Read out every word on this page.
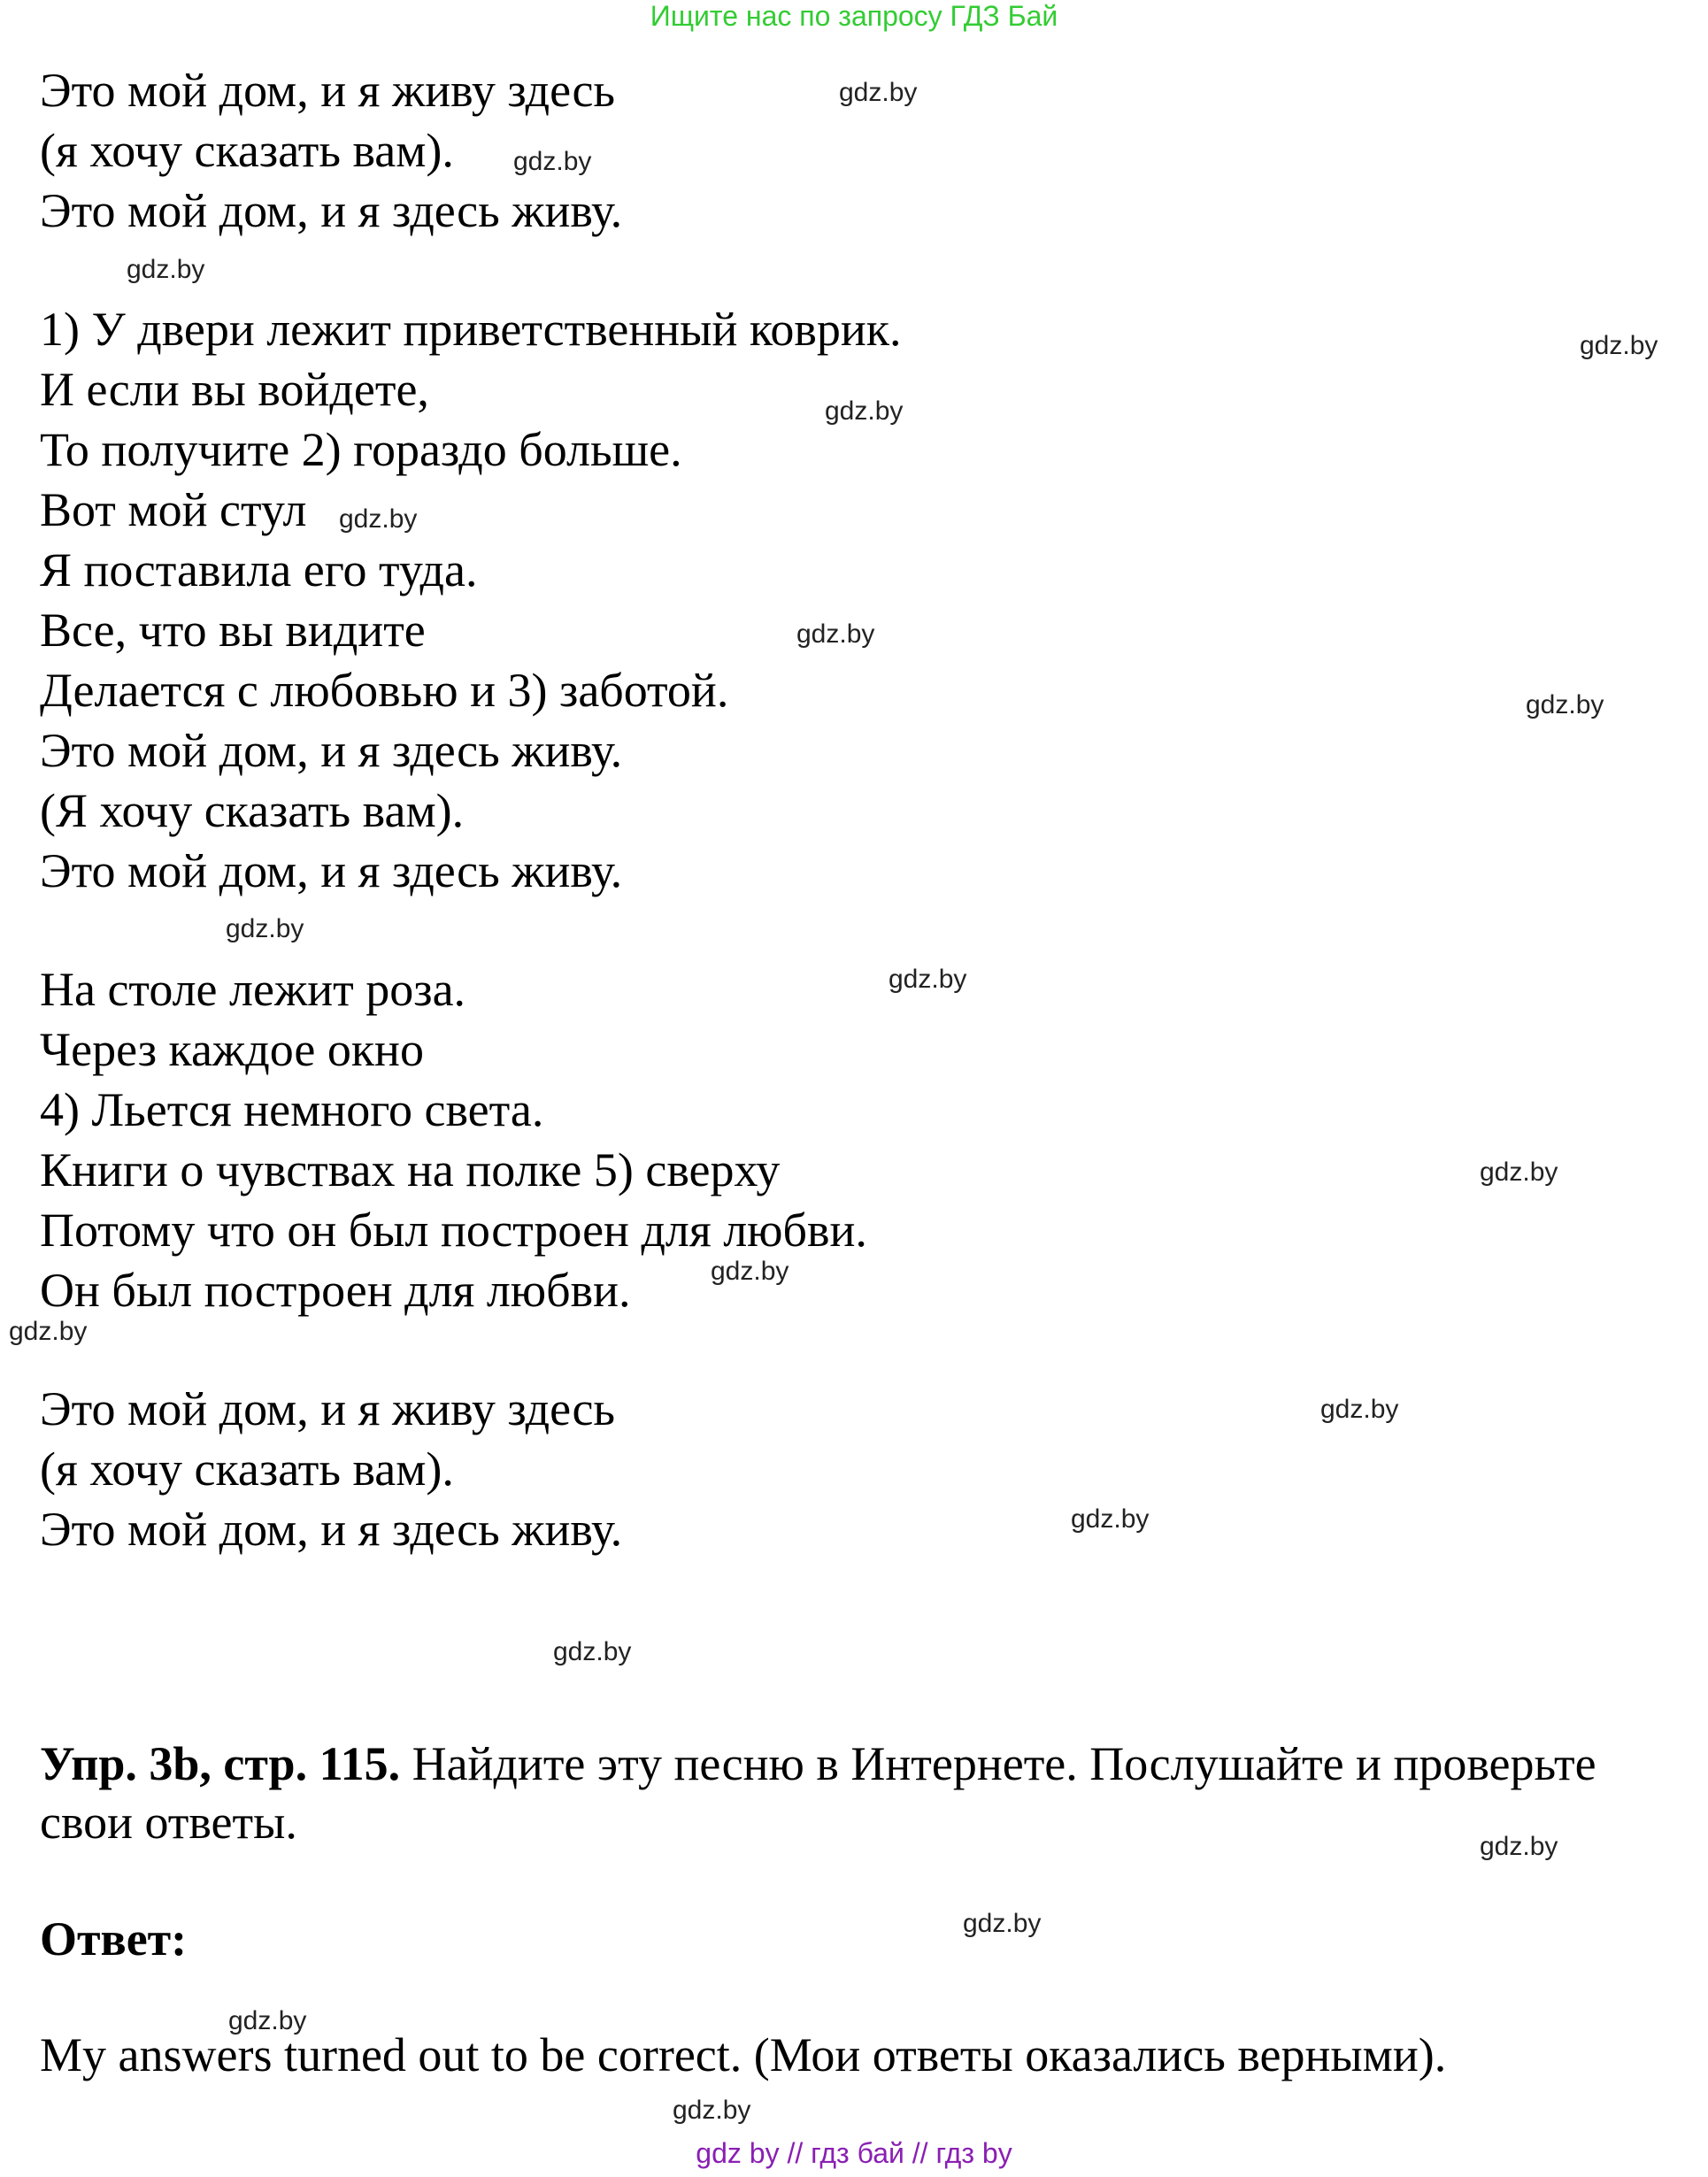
Ищите нас по запросу ГДЗ Бай
Это мой дом, и я живу здесь
(я хочу сказать вам).
Это мой дом, и я здесь живу.
1) У двери лежит приветственный коврик.
И если вы войдете,
То получите 2) гораздо больше.
Вот мой стул
Я поставила его туда.
Все, что вы видите
Делается с любовью и 3) заботой.
Это мой дом, и я здесь живу.
(Я хочу сказать вам).
Это мой дом, и я здесь живу.
На столе лежит роза.
Через каждое окно
4) Льется немного света.
Книги о чувствах на полке 5) сверху
Потому что он был построен для любви.
Он был построен для любви.
Это мой дом, и я живу здесь
(я хочу сказать вам).
Это мой дом, и я здесь живу.
Упр. 3b, стр. 115. Найдите эту песню в Интернете. Послушайте и проверьте свои ответы.
Ответ:
My answers turned out to be correct. (Мои ответы оказались верными).
gdz.by
gdz.by
gdz.by
gdz.by
gdz.by
gdz.by
gdz.by
gdz.by
gdz.by
gdz.by
gdz.by
gdz.by
gdz.by
gdz.by
gdz.by
gdz.by
gdz.by
gdz.by
gdz.by
gdz.by
gdz by // гдз бай // гдз by
